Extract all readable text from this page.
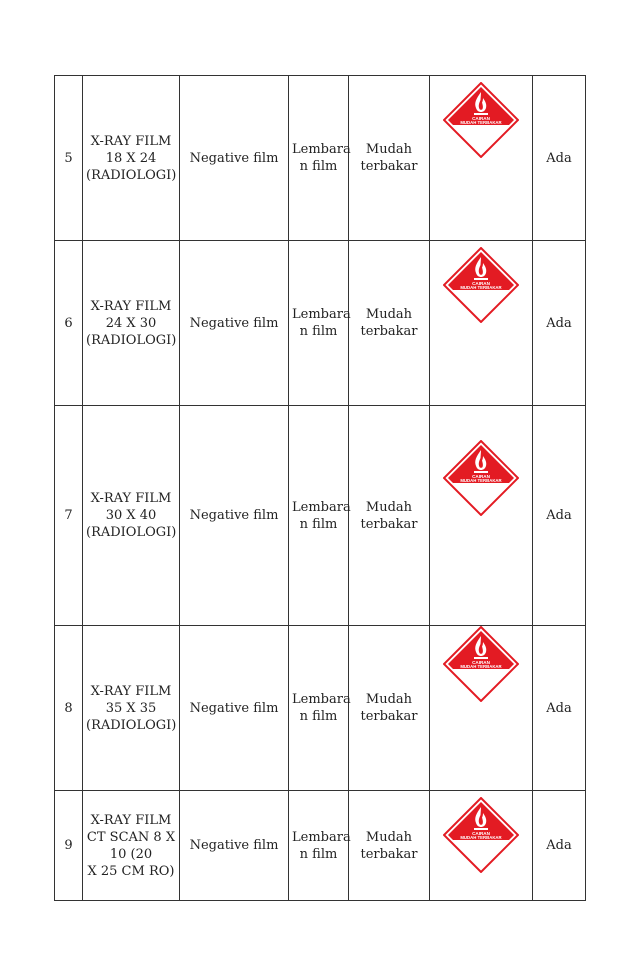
5	X-RAY FILM
18 X 24
(RADIOLOGI)	Negative film	Lembara
n film	Mudah
terbakar	CAIRAN
MUDAH TERBAKAR	Ada
6	X-RAY FILM
24 X 30
(RADIOLOGI)	Negative film	Lembara
n film	Mudah
terbakar	CAIRAN
MUDAH TERBAKAR	Ada
7	X-RAY FILM
30 X 40
(RADIOLOGI)	Negative film	Lembara
n film	Mudah
terbakar	CAIRAN
MUDAH TERBAKAR	Ada
8	X-RAY FILM
35 X 35
(RADIOLOGI)	Negative film	Lembara
n film	Mudah
terbakar	CAIRAN
MUDAH TERBAKAR	Ada
9	X-RAY FILM
CT SCAN 8 X
10 (20
X 25 CM RO)	Negative film	Lembara
n film	Mudah
terbakar	CAIRAN
MUDAH TERBAKAR	Ada
